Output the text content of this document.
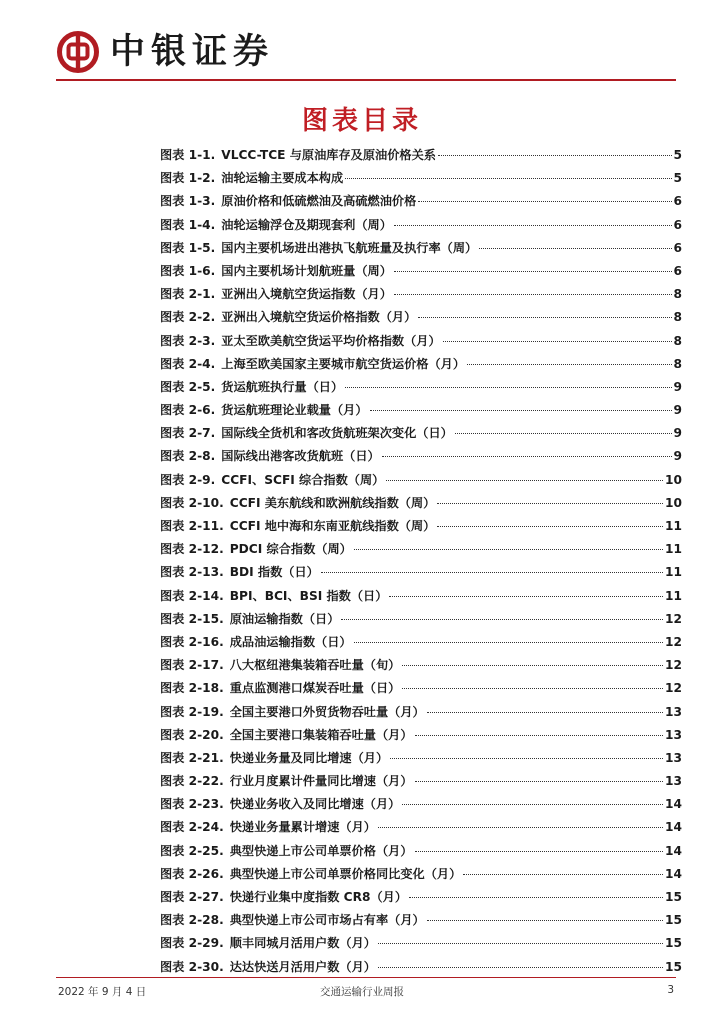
中银证券
图表目录
图表 1-1. VLCC-TCE 与原油库存及原油价格关系	5
图表 1-2. 油轮运输主要成本构成	5
图表 1-3. 原油价格和低硫燃油及高硫燃油价格	6
图表 1-4. 油轮运输浮仓及期现套利（周）	6
图表 1-5. 国内主要机场进出港执飞航班量及执行率（周）	6
图表 1-6. 国内主要机场计划航班量（周）	6
图表 2-1. 亚洲出入境航空货运指数（月）	8
图表 2-2. 亚洲出入境航空货运价格指数（月）	8
图表 2-3. 亚太至欧美航空货运平均价格指数（月）	8
图表 2-4. 上海至欧美国家主要城市航空货运价格（月）	8
图表 2-5. 货运航班执行量（日）	9
图表 2-6. 货运航班理论业载量（月）	9
图表 2-7. 国际线全货机和客改货航班架次变化（日）	9
图表 2-8. 国际线出港客改货航班（日）	9
图表 2-9. CCFI、SCFI 综合指数（周）	10
图表 2-10. CCFI 美东航线和欧洲航线指数（周）	10
图表 2-11. CCFI 地中海和东南亚航线指数（周）	11
图表 2-12. PDCI 综合指数（周）	11
图表 2-13. BDI 指数（日）	11
图表 2-14. BPI、BCI、BSI 指数（日）	11
图表 2-15. 原油运输指数（日）	12
图表 2-16. 成品油运输指数（日）	12
图表 2-17. 八大枢纽港集装箱吞吐量（旬）	12
图表 2-18. 重点监测港口煤炭吞吐量（日）	12
图表 2-19. 全国主要港口外贸货物吞吐量（月）	13
图表 2-20. 全国主要港口集装箱吞吐量（月）	13
图表 2-21. 快递业务量及同比增速（月）	13
图表 2-22. 行业月度累计件量同比增速（月）	13
图表 2-23. 快递业务收入及同比增速（月）	14
图表 2-24. 快递业务量累计增速（月）	14
图表 2-25. 典型快递上市公司单票价格（月）	14
图表 2-26. 典型快递上市公司单票价格同比变化（月）	14
图表 2-27. 快递行业集中度指数 CR8（月）	15
图表 2-28. 典型快递上市公司市场占有率（月）	15
图表 2-29. 顺丰同城月活用户数（月）	15
图表 2-30. 达达快送月活用户数（月）	15
2022 年 9 月 4 日	交通运输行业周报	3
